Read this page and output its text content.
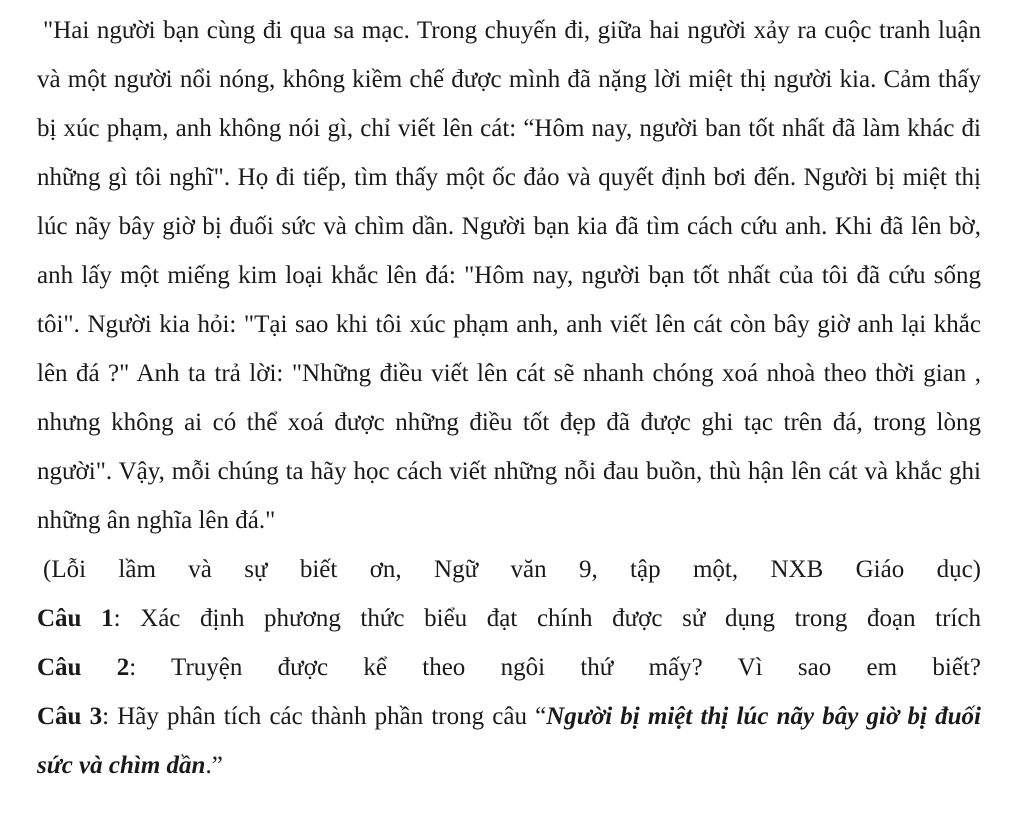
"Hai người bạn cùng đi qua sa mạc. Trong chuyến đi, giữa hai người xảy ra cuộc tranh luận và một người nổi nóng, không kiềm chế được mình đã nặng lời miệt thị người kia. Cảm thấy bị xúc phạm, anh không nói gì, chỉ viết lên cát: “Hôm nay, người ban tốt nhất đã làm khác đi những gì tôi nghĩ". Họ đi tiếp, tìm thấy một ốc đảo và quyết định bơi đến. Người bị miệt thị lúc nãy bây giờ bị đuối sức và chìm dần. Người bạn kia đã tìm cách cứu anh. Khi đã lên bờ, anh lấy một miếng kim loại khắc lên đá: "Hôm nay, người bạn tốt nhất của tôi đã cứu sống tôi". Người kia hỏi: "Tại sao khi tôi xúc phạm anh, anh viết lên cát còn bây giờ anh lại khắc lên đá ?" Anh ta trả lời: "Những điều viết lên cát sẽ nhanh chóng xoá nhoà theo thời gian , nhưng không ai có thể xoá được những điều tốt đẹp đã được ghi tạc trên đá, trong lòng người". Vậy, mỗi chúng ta hãy học cách viết những nỗi đau buồn, thù hận lên cát và khắc ghi những ân nghĩa lên đá."

(Lỗi lầm và sự biết ơn, Ngữ văn 9, tập một, NXB Giáo dục)

Câu 1: Xác định phương thức biểu đạt chính được sử dụng trong đoạn trích

Câu 2: Truyện được kể theo ngôi thứ mấy? Vì sao em biết?

Câu 3: Hãy phân tích các thành phần trong câu “Người bị miệt thị lúc nãy bây giờ bị đuối sức và chìm dần.”
